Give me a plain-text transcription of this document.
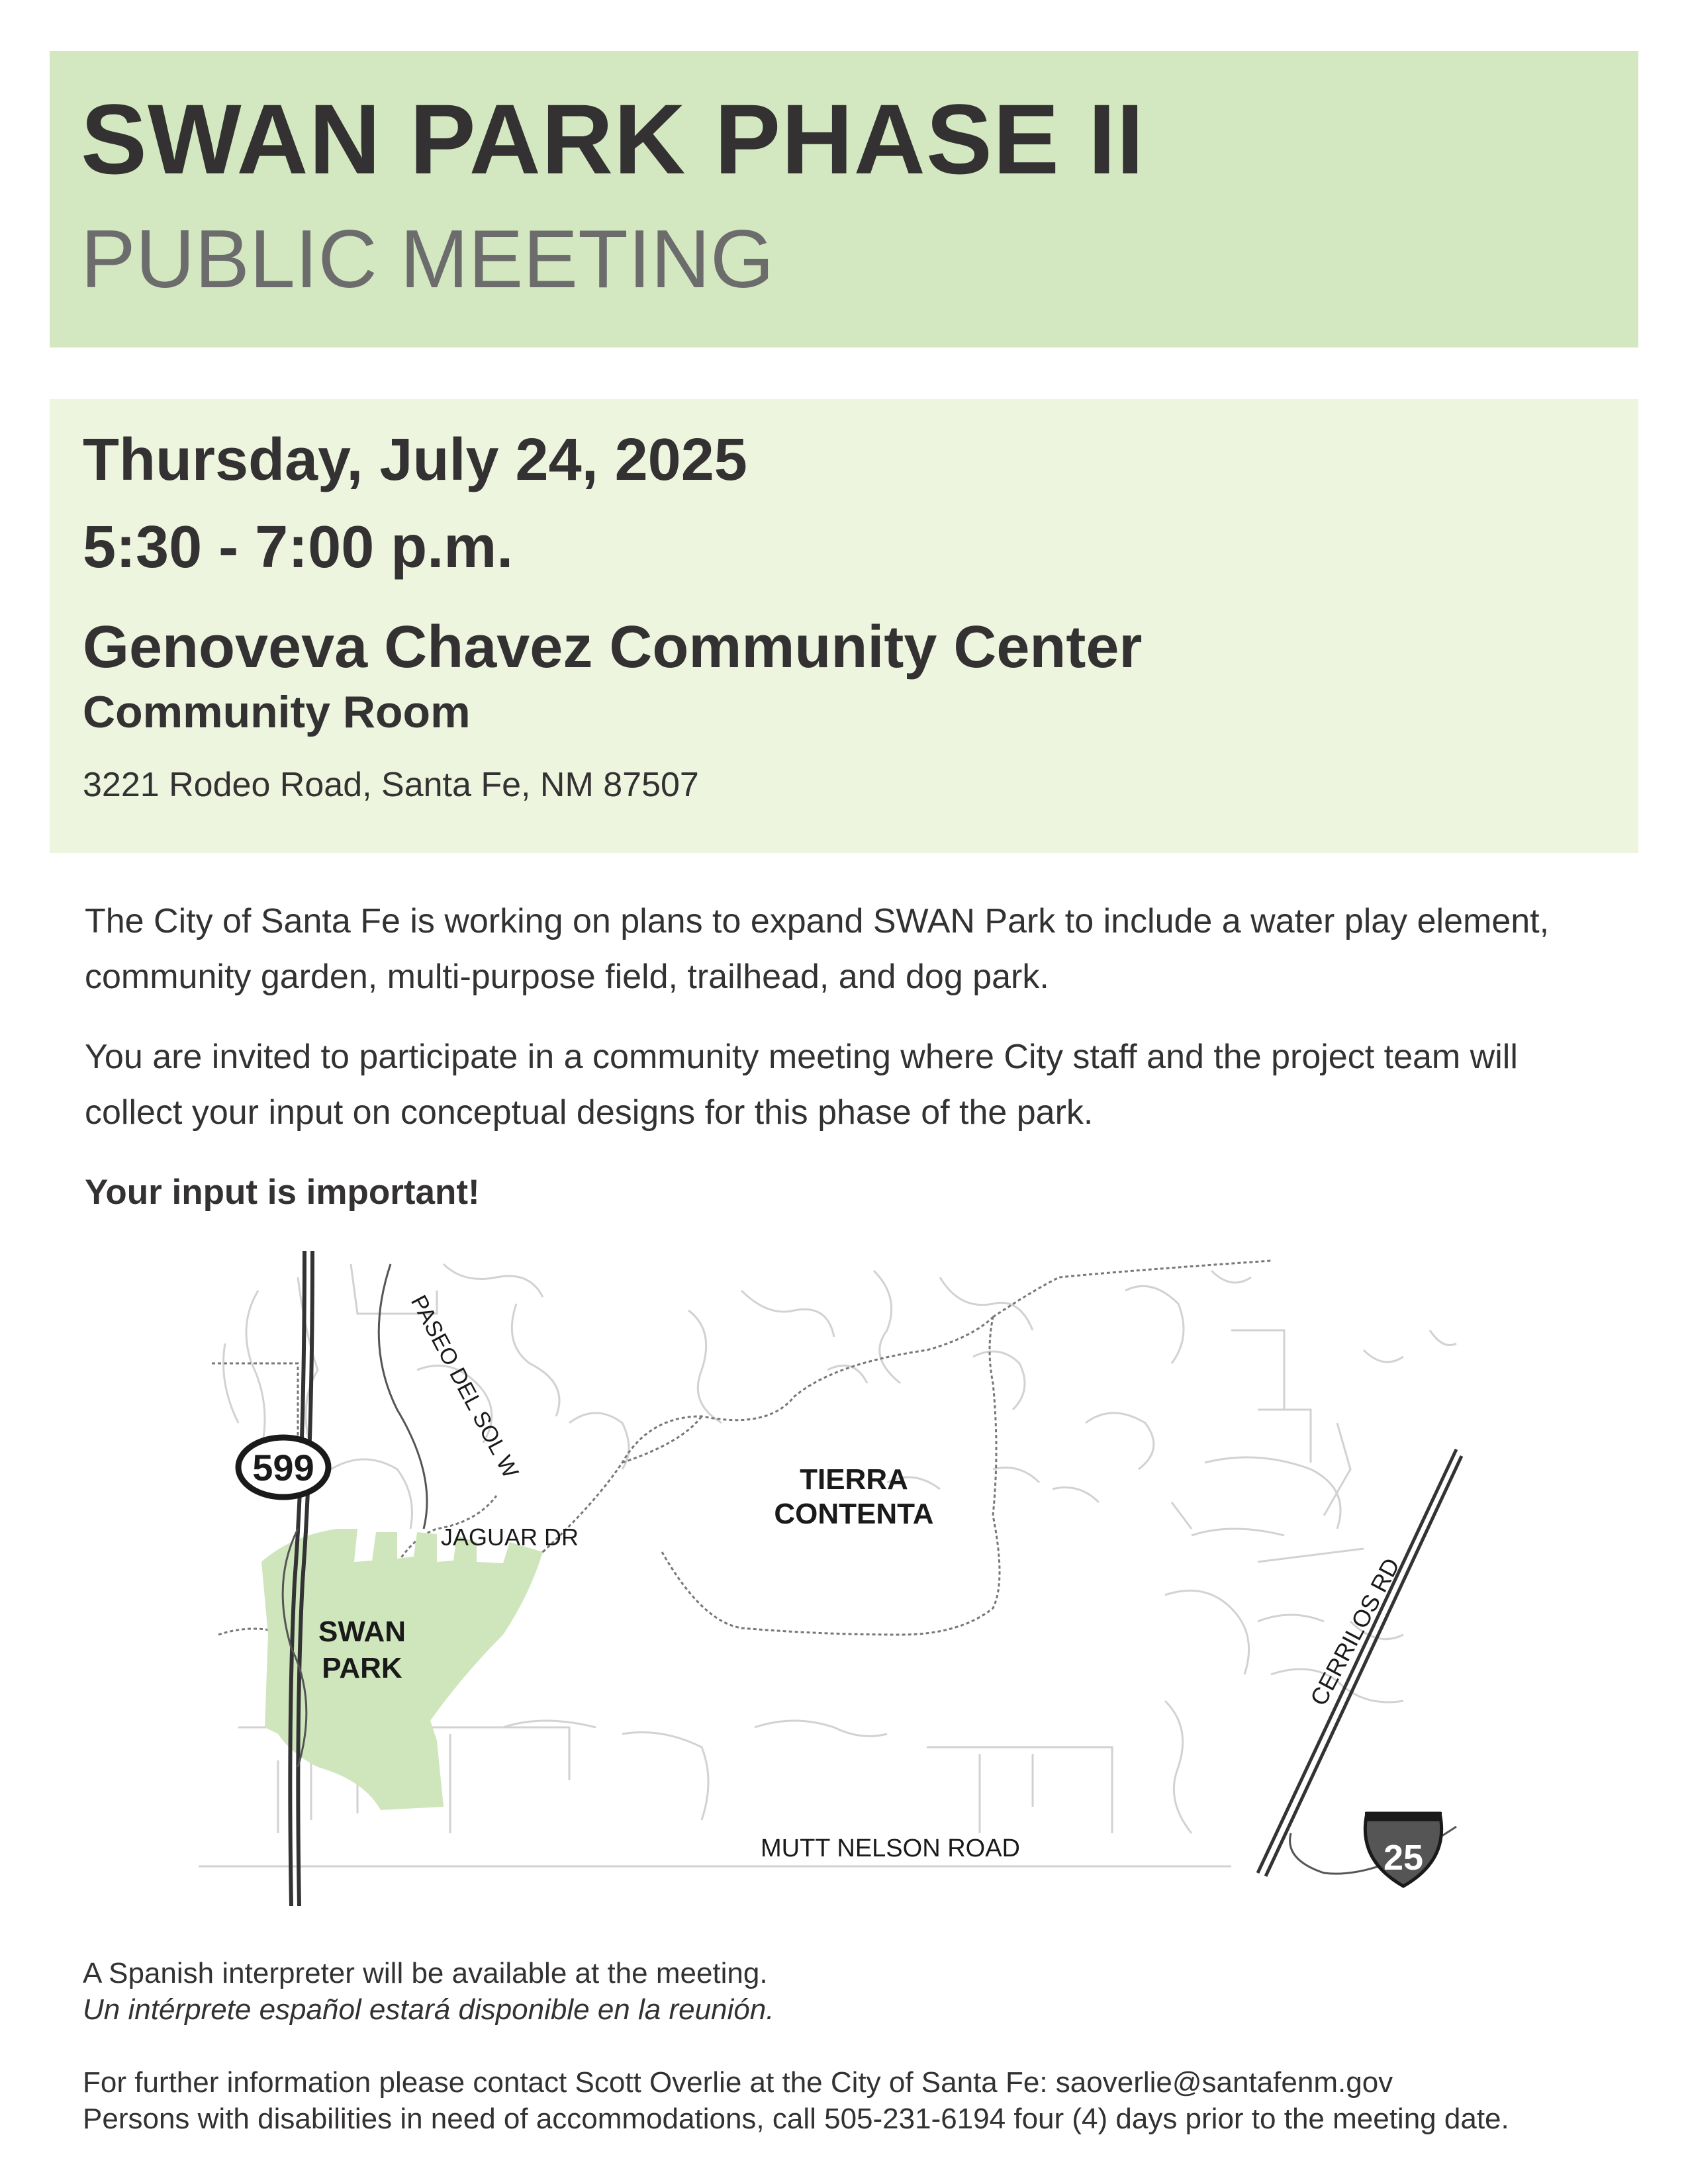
SWAN PARK PHASE II
PUBLIC MEETING
Thursday, July 24, 2025
5:30 - 7:00 p.m.
Genoveva Chavez Community Center
Community Room
3221 Rodeo Road, Santa Fe, NM 87507
The City of Santa Fe is working on plans to expand SWAN Park to include a water play element, community garden, multi-purpose field, trailhead, and dog park.
You are invited to participate in a community meeting where City staff and the project team will collect your input on conceptual designs for this phase of the park.
Your input is important!
599
25
PASEO DEL SOL W
JAGUAR DR
TIERRA
CONTENTA
SWAN
PARK	CERRILOS RD
MUTT NELSON ROAD
A Spanish interpreter will be available at the meeting.
Un intérprete español estará disponible en la reunión.
For further information please contact Scott Overlie at the City of Santa Fe: saoverlie@santafenm.gov
Persons with disabilities in need of accommodations, call 505-231-6194 four (4) days prior to the meeting date.
